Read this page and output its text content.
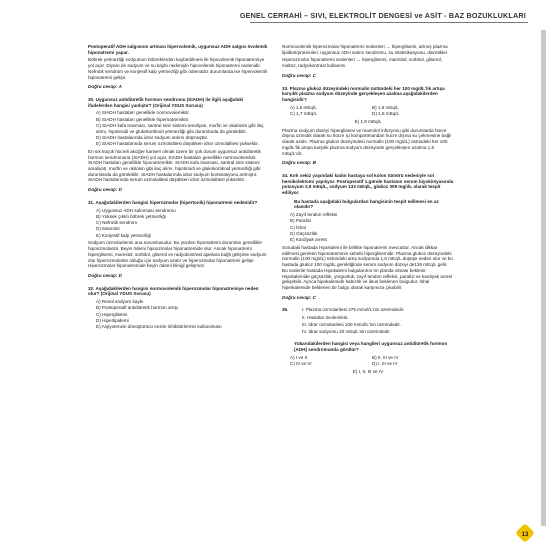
GENEL CERRAHİ – SIVI, ELEKTROLİT DENGESİ ve ASİT - BAZ BOZUKLUKLARI
13

Postoperatif ADH salgısının artması hipervolemik, uygunsuz ADH salgısı övolemik hiponatremi yapar.

Böbrek yetmezliği sodyumun böbreklerden kaybedilmesi ile hipovolemik hiponatremiye yol açar. Diyare de sodyum ve su kaybı nedeniyle hipovolemik hiponatremi nedenidir. Nefrotik sendrom ve konjestif kalp yetmezliği gibi ödematöz durumlarda ise hipervolemik hiponatremi gelişir.

Doğru cevap: A
30. Uygunsuz antidiüretik hormon sendromu (SIADH) ile ilgili aşağıdaki ifadelerden hangisi yanlıştır? (Orijinal YDUS Sorusu)
A) SIADH hastaları genellikle normovolemiktir.
B) SIADH hastaları genellikle hipernatremiktir.
C) SIADH kafa travması, santral sinir sistemi amaliyatı, morfin ve okaitosin gibi ilaç alımı, hipotiroidi ve glukokortikoid yetmezliği gibi durumlarda da görülebilir.
D) SIADH hastalarında idrar sodyum atılımı düşmüştür.
E) SIADH hastalarında serum ozmolalitesi düşükken idrar ozmolalitesi yüksektir.

En sık küçük hücreli akciğer kanseri olmak üzere bir çok durum uygunsuz antidiüretik hormon sendromuna (SIADH) yol açar. SIADH hastaları genellikle normovolemiktir. SIADH hastaları genellikle hiponatremiktir. SIADH kafa travması, santral sinir sistemi amaliyatı, morfin ve okitosin gibi ilaç alımı, hipotiroidi ve glukokortikoid yetmezliği gibi durumlarda da görülebilir. SIADH hastalarında idrar sodyum konstrasyonu artmıştır. SIADH hastalarında serum ozmolalitesi düşükken idrar ozmolalitesi yüksektir.

Doğru cevap: D
31. Aşağıdakilerden hangisi hiperozmolar (hipertonik) hiponatremi nedenidir?
A) Uygunsuz ADH salınması sendromu
B) Yüksek çıktılı böbrek yetmezliği
C) Nefrotik sendrom
D) Mannitol
E) Konjestif kalp yetmezliği

Sodyum ozmolaritenin ana sorumlusudur. Bu yüzden hiponatremi durumları genellikle hipoozmolardır. Beyin ödemi hipoozmolar hiponatremide olur. Ancak hiponatremi hiperglisemi, mannitol, sorbitol, gliserol ve radyokontrast ajanlara bağlı gelişirse sodyum dışı hiperozmolarite olduğu için sodyum azalır ve hiperozmolar hiponatremi gelişir. Hiperozmolar hiponatremide beyin ödemi klinigi gelişmez.

Doğru cevap: D
32. Aşağıdakilerden hangisi normovolemik hiperozmolar hiponatremiye neden olur? (Orijinal YDUS Sorusu)
A) Renal sodyum kaybı
B) Postoperatif antidiüretik hormon artışı
C) Hiperglisemi
D) Hiperlipidemi
E) Anjiyotensin dönüştürücü enzim inhibitörlerinin kullanılması

Normovolemik hiperozmolar hiponatremi nedenleri → hiperglisemi, artmış plazma lipidleri/proteinleri, uygunsuz ADH salımı sendromu, su intoksikasyonu, diüretikler

Hiperozmolar hiponatremi nedenleri → hiperglisemi, mannitol, sorbitol, gliserol, maltoz, radyokontrast kullanımı

Doğru cevap: C
33. Plazma glukoz düzeyindeki normalin üstündeki her 100 mg/dL'lik artışa karşılık plazma sodyum düzeyinde gerçekleşen azalma aşağıdakilerden hangisidir?
A) 1,5 mEq/L	B) 1,6 mEq/L
C) 1,7 mEq/L	D) 1,8 mEq/L
E) 1,9 mEq/L

Plazma sodyum düzeyi hiperglisemi ve mannitol infüzyonu gibi durumlarda hücre dışına ozmotik olarak su hücre içi kompartmandan hücre dışına su çekmesine bağlı olarak azalır. Plazma glukoz düzeyindeki normalin (100 mg/dL) üstündeki her 100 mg/dL'lik artışa karşılık plazma sodyum düzeyinde gerçekleşen azalma 1,6 mEq/L'dir.

Doğru cevap: B
34. Kırk sekiz yaşındaki kadın hastaya sol kolon tümörü nedeniyle sol hemikolektomi yapılıyor. Postoperatif 1.günde hastanın serum biyokimyasında potasyum 2,9 mEq/L, sodyum 133 mEq/L, glukoz 309 mg/dL olarak tespit ediliyor.
Bu hastada aşağıdaki bulgulardan hangisinin tespit edilmesi en az olasıdır?
A) Zayıf tendon refleksi
B) Paralizi
C) İshal
D) Güçsüzlük
E) Kardiyak arrest

Sorudaki hastada Hipokalemi ile birlikte hiponatremi mevcuttur. Ancak dikkat edilmesi gereken hiponatreminin sebebi hiperglisemidir. Plazma glukoz düzeyindeki normalin (100 mg/dL) üstündeki artış sodyumda 1,6 mEq/L düşüşe neden olur ve bu hastada glukoz 100 mg/dL gerektiğinde serum sodyum düzeyi de136 mEq/L gelir. Bu nedenle hastada Hipokalemi bulgularının ön planda olması beklenir. Hipokalemide güçsüzlük, yorgunluk, zayıf tendon refleksi, paralizi ve kardiyak arrest gelişebilir. Ayrıca hipokalemide kabızlık ve ileus beklenen bulgudur. İshal hiperkalemide beklenen bir bulgu olarak karşımıza çıkabilir.

Doğru cevap: C
35.	I. Plazma ozmolaritesi 275 mmol/L'nin üzerindedir.
II. Hastalar övolemiktir.
III. İdrar ozmolaritesi 100 mmol/L'nin üzerindedir.
IV. İdrar sodyumu 20 mEq/L'nin üzerindedir.
Yukarıdakilerden hangisi veya hangileri uygunsuz antidiüretik hormon (ADH) sendromunda görülür?
A) I ve II	B) II, III ve IV
C) III ve IV	D) I, III ve IV
E) I, II, III ve IV
